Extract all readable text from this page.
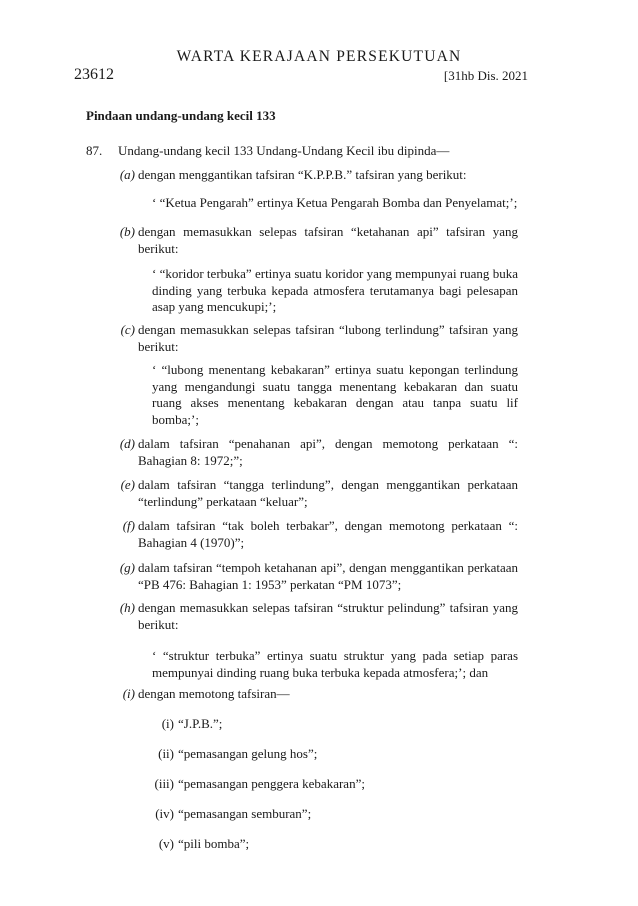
WARTA KERAJAAN PERSEKUTUAN
23612	[31hb Dis. 2021
Pindaan undang-undang kecil 133
87. Undang-undang kecil 133 Undang-Undang Kecil ibu dipinda—
(a) dengan menggantikan tafsiran “K.P.P.B.” tafsiran yang berikut:
‘ “Ketua Pengarah” ertinya Ketua Pengarah Bomba dan Penyelamat;’;
(b) dengan memasukkan selepas tafsiran “ketahanan api” tafsiran yang berikut:
‘ “koridor terbuka” ertinya suatu koridor yang mempunyai ruang buka dinding yang terbuka kepada atmosfera terutamanya bagi pelesapan asap yang mencukupi;’;
(c) dengan memasukkan selepas tafsiran “lubong terlindung” tafsiran yang berikut:
‘ “lubong menentang kebakaran” ertinya suatu kepongan terlindung yang mengandungi suatu tangga menentang kebakaran dan suatu ruang akses menentang kebakaran dengan atau tanpa suatu lif bomba;’;
(d) dalam tafsiran “penahanan api”, dengan memotong perkataan “: Bahagian 8: 1972;”;
(e) dalam tafsiran “tangga terlindung”, dengan menggantikan perkataan “terlindung” perkataan “keluar”;
(f) dalam tafsiran “tak boleh terbakar”, dengan memotong perkataan “: Bahagian 4 (1970)”;
(g) dalam tafsiran “tempoh ketahanan api”, dengan menggantikan perkataan “PB 476: Bahagian 1: 1953” perkatan “PM 1073”;
(h) dengan memasukkan selepas tafsiran “struktur pelindung” tafsiran yang berikut:
‘ “struktur terbuka” ertinya suatu struktur yang pada setiap paras mempunyai dinding ruang buka terbuka kepada atmosfera;’; dan
(i) dengan memotong tafsiran—
(i) “J.P.B.”;
(ii) “pemasangan gelung hos”;
(iii) “pemasangan penggera kebakaran”;
(iv) “pemasangan semburan”;
(v) “pili bomba”;
